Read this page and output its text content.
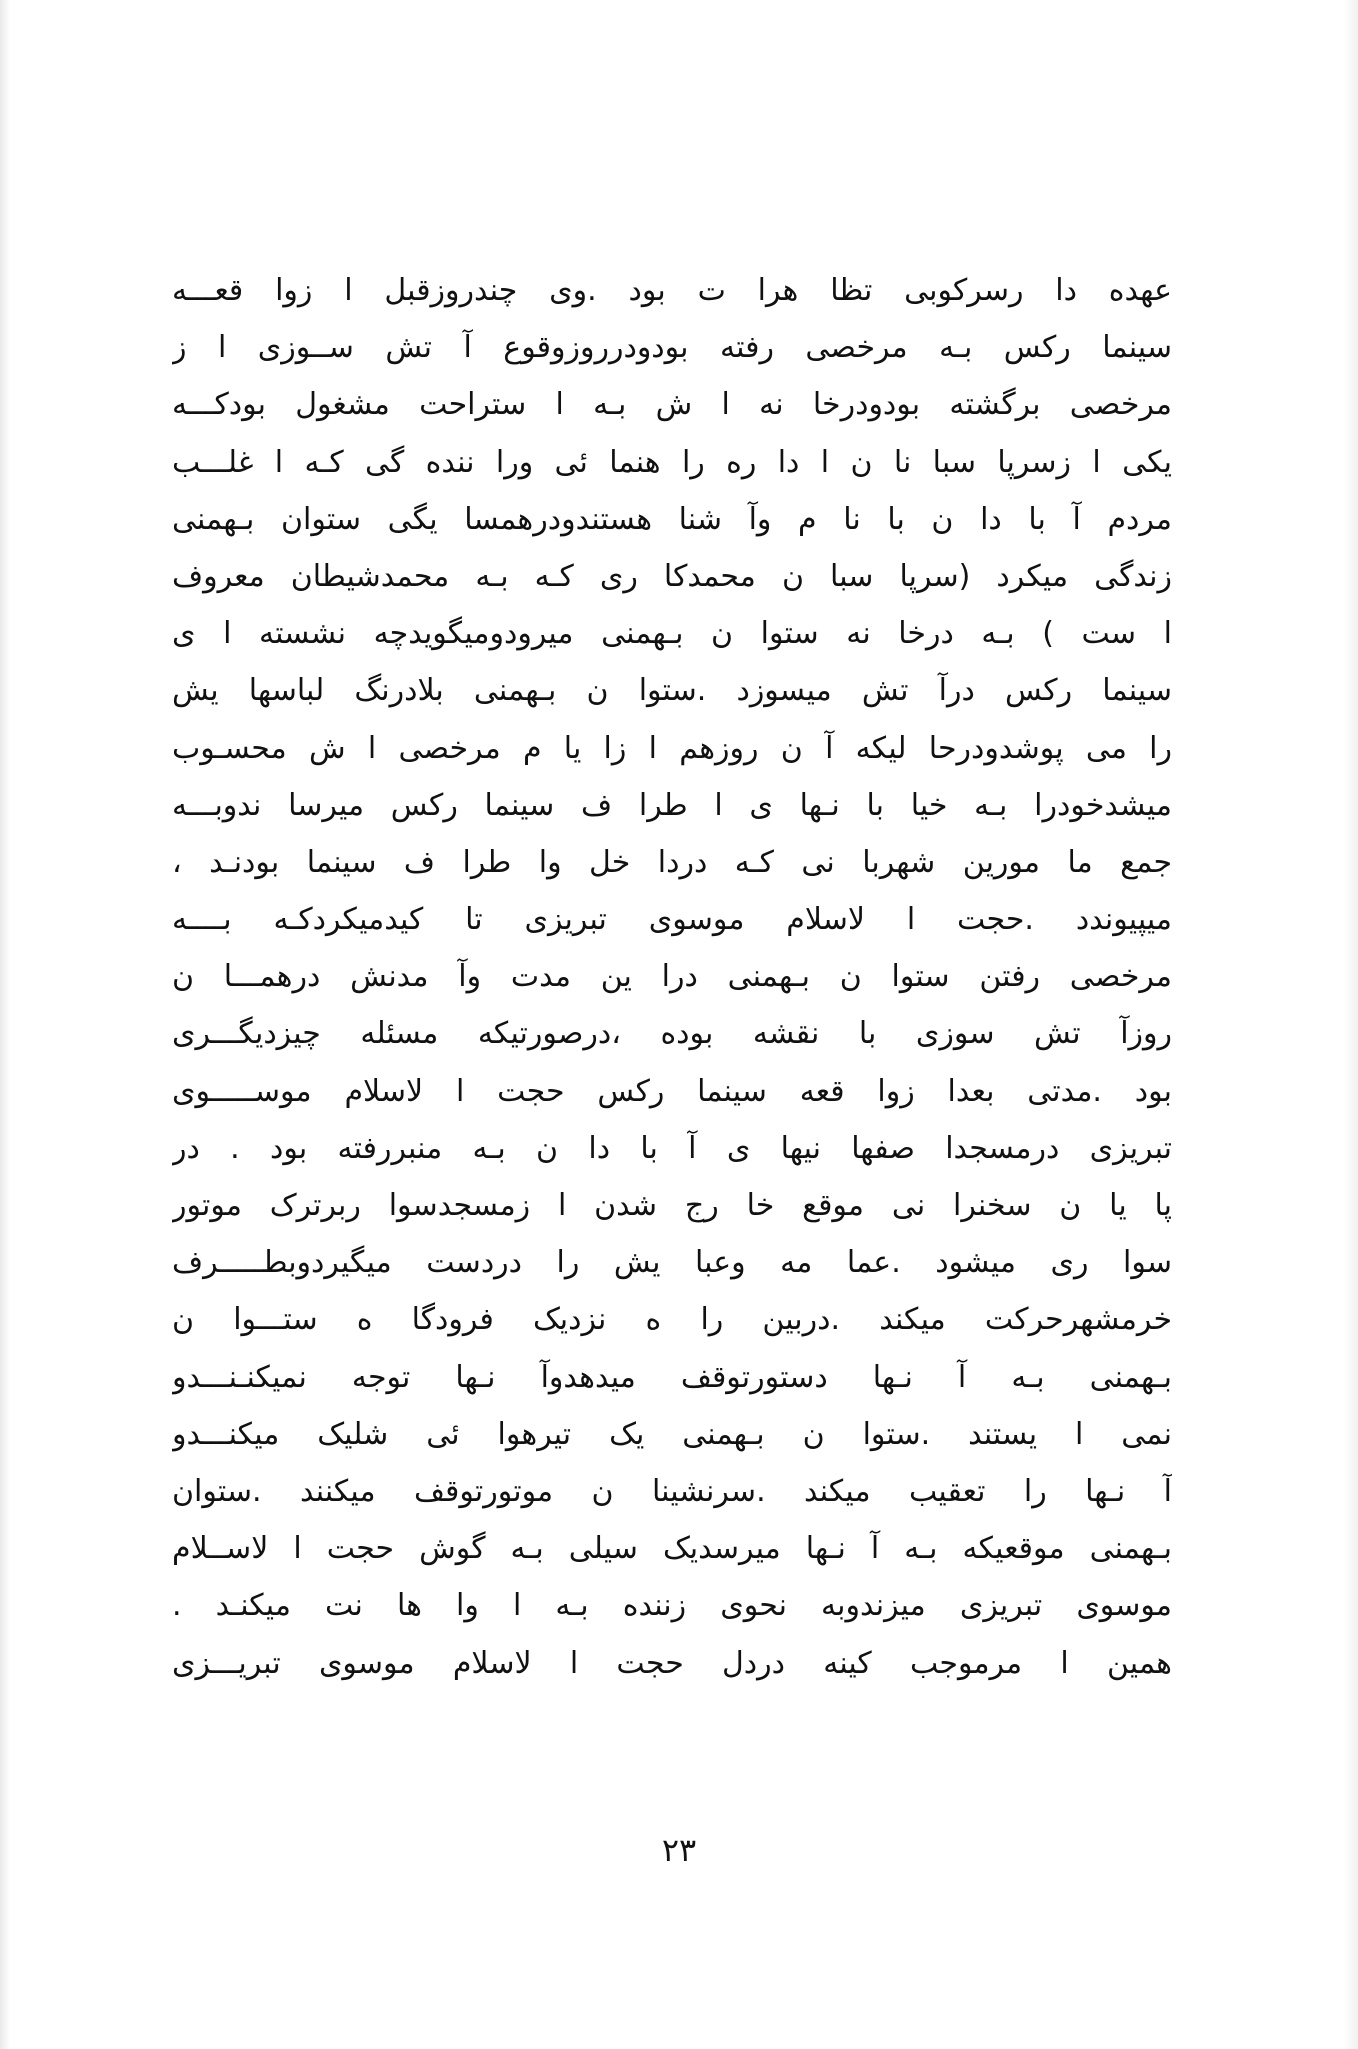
عهده دا رسرکوبی تظا هرا ت بود .وی چندروزقبل ا زوا قعـــه
سینما رکس بـه مرخصی رفته بودودرروزوقوع آ تش ســوزی ا ز
مرخصی برگشته بودودرخا نه ا ش بـه ا ستراحت مشغول بودکـــه
یکی ا زسرپا سبا نا ن ا دا ره را هنما ئی ورا ننده گی کـه ا غلـــب
مردم آ با دا ن با نا م وآ شنا هستندودرهمسا یگی ستوان بـهمنی
زندگی میکرد (سرپا سبا ن محمدکا ری کـه بـه محمدشیطان معروف
ا ست ) بـه درخا نه ستوا ن بـهمنی میرودومیگویدچه نشسته ا ی
سینما رکس درآ تش میسوزد .ستوا ن بـهمنی بلادرنگ لباسها یش
را می پوشدودرحا لیکه آ ن روزهم ا زا یا م مرخصی ا ش محسـوب
میشدخودرا بـه خیا با نـها ی ا طرا ف سینما رکس میرسا ندوبـــه
جمع ما مورین شهربا نی کـه دردا خل وا طرا ف سینما بودنـد ،
میپیوندد .حجت ا لاسلام موسوی تبریزی تا کیدمیکردکـه بــــه
مرخصی رفتن ستوا ن بـهمنی درا ین مدت وآ مدنش درهمـــا ن
روزآ تش سوزی با نقشه بوده ،درصورتیکه مسئله چیزدیگـــری
بود .مدتی بعدا زوا قعه سینما رکس حجت ا لاسلام موســـــوی
تبریزی درمسجدا صفها نیها ی آ با دا ن بـه منبررفته بود . در
پا یا ن سخنرا نی موقع خا رج شدن ا زمسجدسوا ربرترک موتور
سوا ری میشود .عما مه وعبا یش را دردست میگیردوبطـــــرف
خرمشهرحرکت میکند .دربین را ه نزدیک فرودگا ه ستـــوا ن
بـهمنی بـه آ نـها دستورتوقف میدهدوآ نـها توجه نمیکنـنـــدو
نمی ا یستند .ستوا ن بـهمنی یک تیرهوا ئی شلیک میکنـــدو
آ نـها را تعقیب میکند .سرنشینا ن موتورتوقف میکنند .ستوان
بـهمنی موقعیکه بـه آ نـها میرسدیک سیلی بـه گوش حجت ا لاســلام
موسوی تبریزی میزندوبه نحوی زننده بـه ا وا ها نت میکنـد .
همین ا مرموجب کینه دردل حجت ا لاسلام موسوی تبریـــزی
۲۳
